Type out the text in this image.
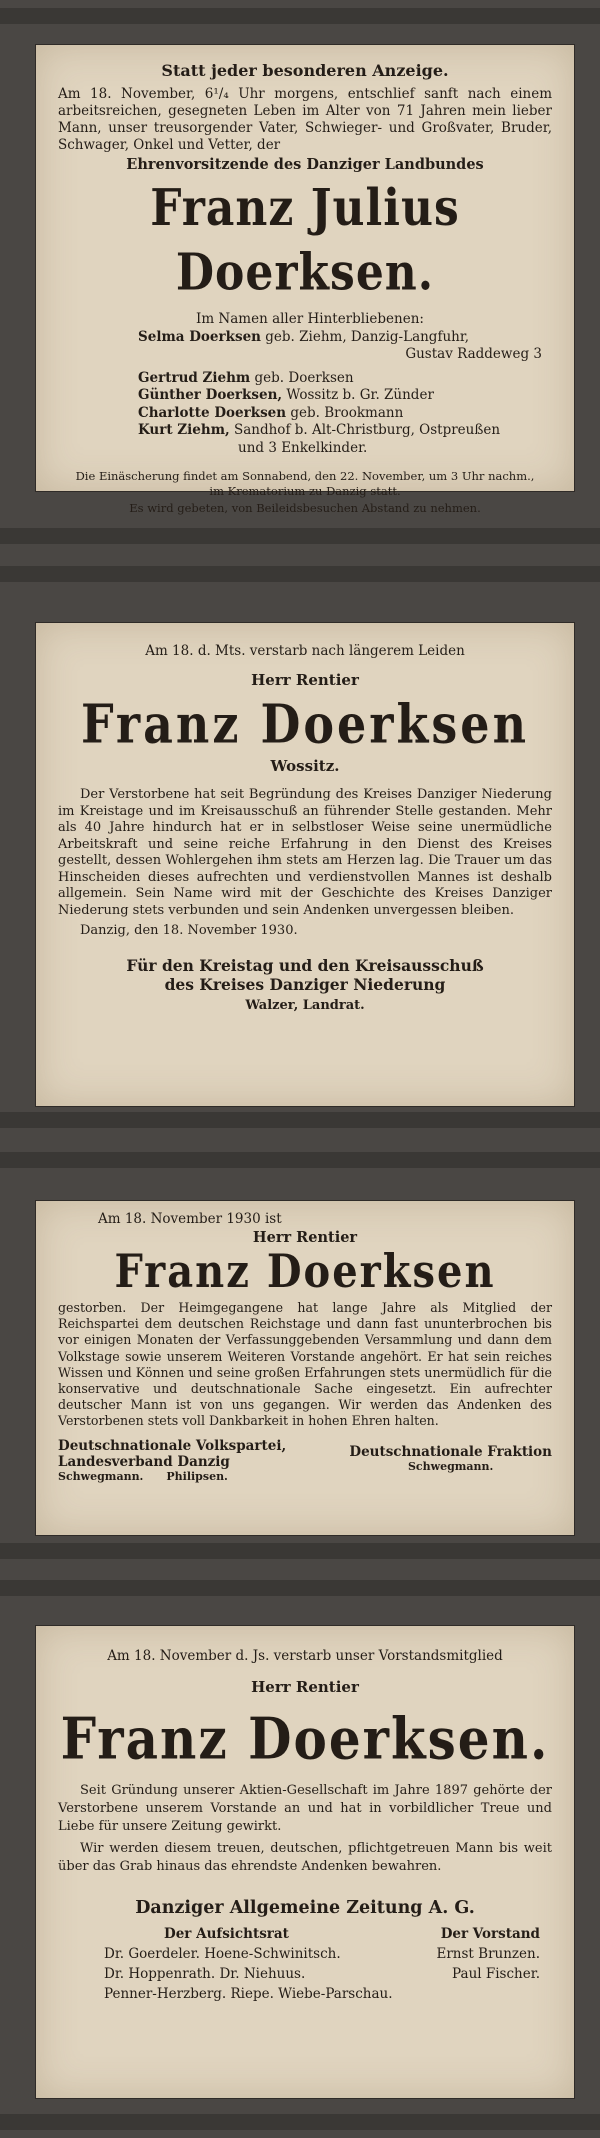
Statt jeder besonderen Anzeige.

Am 18. November, 6¹/₄ Uhr morgens, entschlief sanft nach einem arbeitsreichen, gesegneten Leben im Alter von 71 Jahren mein lieber Mann, unser treusorgender Vater, Schwieger- und Großvater, Bruder, Schwager, Onkel und Vetter, der

Ehrenvorsitzende des Danziger Landbundes

Franz Julius Doerksen.

Im Namen aller Hinterbliebenen:
Selma Doerksen geb. Ziehm, Danzig-Langfuhr,
Gustav Raddeweg 3
Gertrud Ziehm geb. Doerksen
Günther Doerksen, Wossitz b. Gr. Zünder
Charlotte Doerksen geb. Brookmann
Kurt Ziehm, Sandhof b. Alt-Christburg, Ostpreußen
und 3 Enkelkinder.

Die Einäscherung findet am Sonnabend, den 22. November, um 3 Uhr nachm., im Krematorium zu Danzig statt.

Es wird gebeten, von Beileidsbesuchen Abstand zu nehmen.

Am 18. d. Mts. verstarb nach längerem Leiden

Herr Rentier

Franz Doerksen

Wossitz.

Der Verstorbene hat seit Begründung des Kreises Danziger Niederung im Kreistage und im Kreisausschuß an führender Stelle gestanden. Mehr als 40 Jahre hindurch hat er in selbstloser Weise seine unermüdliche Arbeitskraft und seine reiche Erfahrung in den Dienst des Kreises gestellt, dessen Wohlergehen ihm stets am Herzen lag. Die Trauer um das Hinscheiden dieses aufrechten und verdienstvollen Mannes ist deshalb allgemein. Sein Name wird mit der Geschichte des Kreises Danziger Niederung stets verbunden und sein Andenken unvergessen bleiben.

Danzig, den 18. November 1930.

Für den Kreistag und den Kreisausschuß

des Kreises Danziger Niederung

Walzer, Landrat.

Am 18. November 1930 ist

Herr Rentier

Franz Doerksen

gestorben. Der Heimgegangene hat lange Jahre als Mitglied der Reichspartei dem deutschen Reichstage und dann fast ununterbrochen bis vor einigen Monaten der Verfassunggebenden Versammlung und dann dem Volkstage sowie unserem Weiteren Vorstande angehört. Er hat sein reiches Wissen und Können und seine großen Erfahrungen stets unermüdlich für die konservative und deutschnationale Sache eingesetzt. Ein aufrechter deutscher Mann ist von uns gegangen. Wir werden das Andenken des Verstorbenen stets voll Dankbarkeit in hohen Ehren halten.

Deutschnationale Volkspartei,
Landesverband Danzig
Schwegmann. Philipsen.
Deutschnationale Fraktion
Schwegmann.

Am 18. November d. Js. verstarb unser Vorstandsmitglied

Herr Rentier

Franz Doerksen.

Seit Gründung unserer Aktien-Gesellschaft im Jahre 1897 gehörte der Verstorbene unserem Vorstande an und hat in vorbildlicher Treue und Liebe für unsere Zeitung gewirkt.

Wir werden diesem treuen, deutschen, pflichtgetreuen Mann bis weit über das Grab hinaus das ehrendste Andenken bewahren.

Danziger Allgemeine Zeitung A. G.

Der Aufsichtsrat	Der Vorstand
Dr. Goerdeler. Hoene-Schwinitsch.	Ernst Brunzen.
Dr. Hoppenrath. Dr. Niehuus.	Paul Fischer.
Penner-Herzberg. Riepe. Wiebe-Parschau.
